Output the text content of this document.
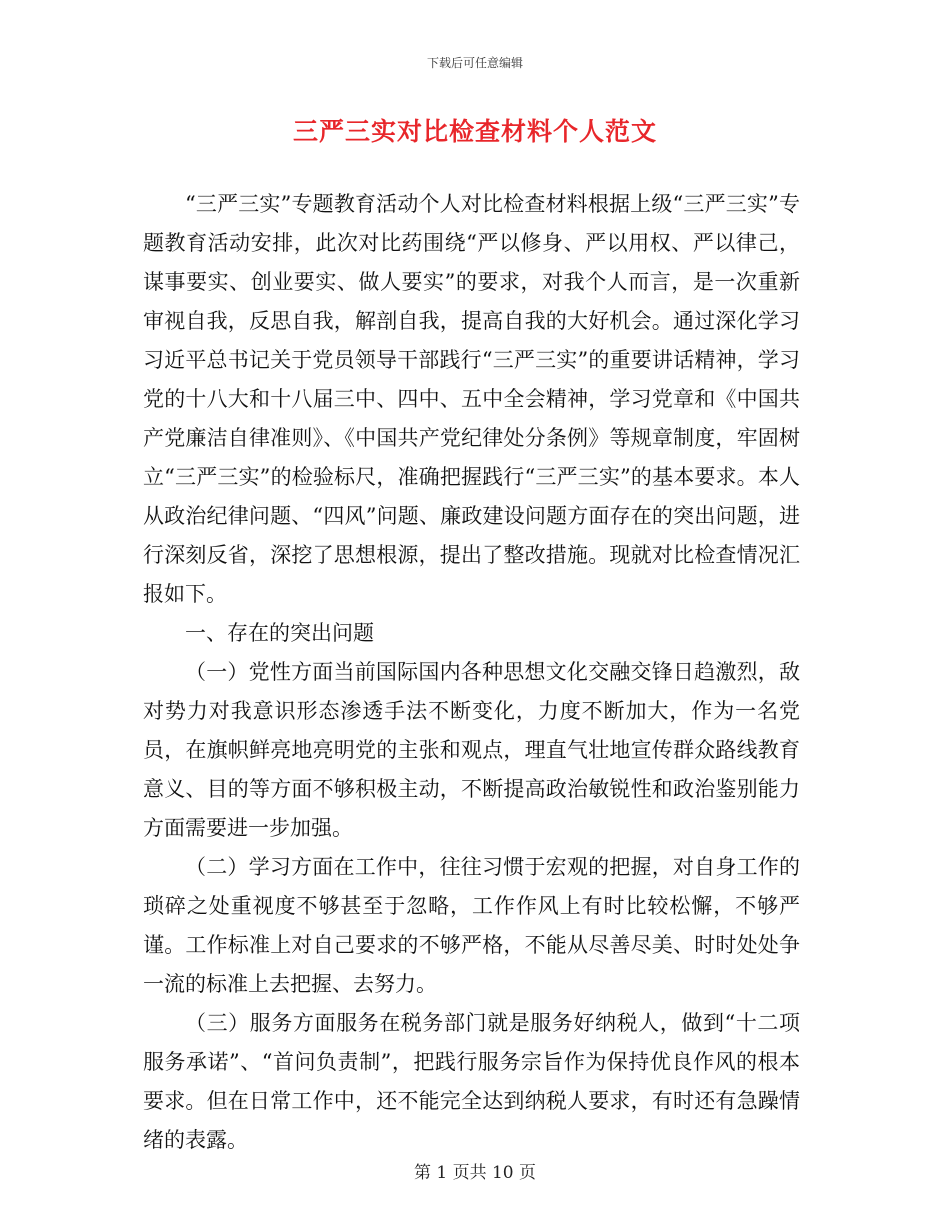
下载后可任意编辑
三严三实对比检查材料个人范文

“三严三实”专题教育活动个人对比检查材料根据上级“三严三实”专题教育活动安排，此次对比药围绕“严以修身、严以用权、严以律己，谋事要实、创业要实、做人要实”的要求，对我个人而言，是一次重新审视自我，反思自我，解剖自我，提高自我的大好机会。通过深化学习习近平总书记关于党员领导干部践行“三严三实”的重要讲话精神，学习党的十八大和十八届三中、四中、五中全会精神，学习党章和《中国共产党廉洁自律准则》、《中国共产党纪律处分条例》等规章制度，牢固树立“三严三实”的检验标尺，准确把握践行“三严三实”的基本要求。本人从政治纪律问题、“四风”问题、廉政建设问题方面存在的突出问题，进行深刻反省，深挖了思想根源，提出了整改措施。现就对比检查情况汇报如下。

一、存在的突出问题

（一）党性方面当前国际国内各种思想文化交融交锋日趋激烈，敌对势力对我意识形态渗透手法不断变化，力度不断加大，作为一名党员，在旗帜鲜亮地亮明党的主张和观点，理直气壮地宣传群众路线教育意义、目的等方面不够积极主动，不断提高政治敏锐性和政治鉴别能力方面需要进一步加强。

（二）学习方面在工作中，往往习惯于宏观的把握，对自身工作的琐碎之处重视度不够甚至于忽略，工作作风上有时比较松懈，不够严谨。工作标准上对自己要求的不够严格，不能从尽善尽美、时时处处争一流的标准上去把握、去努力。

（三）服务方面服务在税务部门就是服务好纳税人，做到“十二项服务承诺”、“首问负责制”，把践行服务宗旨作为保持优良作风的根本要求。但在日常工作中，还不能完全达到纳税人要求，有时还有急躁情绪的表露。

第 1 页共 10 页
